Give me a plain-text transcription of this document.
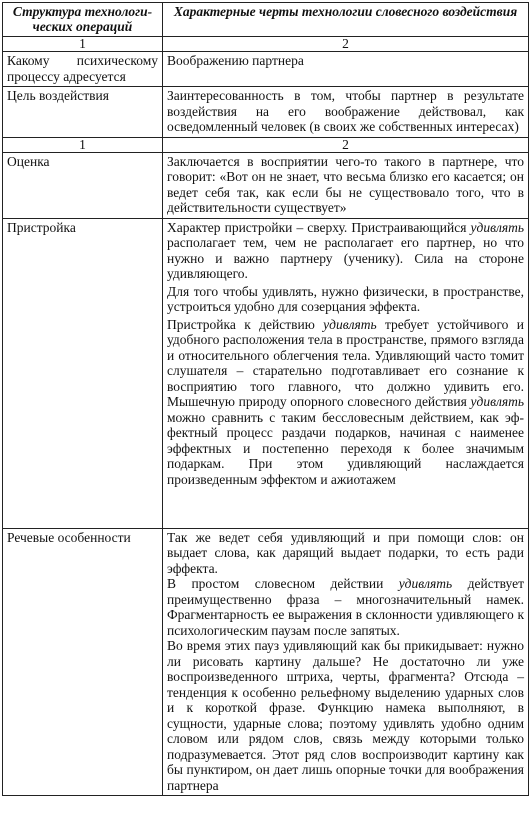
Структура технологических операций	Характерные черты технологии словесного воздействия
1	2
Какому психическому процессу адресуется	Воображению партнера
Цель воздействия	Заинтересованность в том, чтобы партнер в результате воздействия на его воображение действовал, как осведомленный человек (в своих же собственных интересах)
1	2
Оценка	Заключается в восприятии чего-то такого в партнере, что говорит: «Вот он не знает, что весьма близко его касается; он ведет себя так, как если бы не существовало того, что в действительности существует»
Пристройка	Характер пристройки – сверху. Пристраивающийся удивлять располагает тем, чем не располагает его партнер, но что нужно и важно партнеру (ученику). Сила на стороне удивляющего.

Для того чтобы удивлять, нужно физически, в пространстве, устроиться удобно для созерцания эффекта.

Пристройка к действию удивлять требует устойчивого и удобного расположения тела в пространстве, прямого взгляда и относительного облегчения тела. Удивляющий часто томит слушателя – старательно подготавливает его сознание к восприятию того главного, что должно удивить его. Мышечную природу опорного словесного действия удивлять можно сравнить с таким бессловесным действием, как эффектный процесс раздачи подарков, начиная с наименее эффектных и постепенно переходя к более значимым подаркам. При этом удивляющий наслаждается произведенным эффектом и ажиотажем

Речевые особенности	Так же ведет себя удивляющий и при помощи слов: он выдает слова, как дарящий выдает подарки, то есть ради эффекта.

В простом словесном действии удивлять действует преимущественно фраза – многозначительный намек. Фрагментарность ее выражения в склонности удивляющего к психологическим паузам после запятых.

Во время этих пауз удивляющий как бы прикидывает: нужно ли рисовать картину дальше? Не достаточно ли уже воспроизведенного штриха, черты, фрагмента? Отсюда – тенденция к особенно рельефному выделению ударных слов и к короткой фразе. Функцию намека выполняют, в сущности, ударные слова; поэтому удивлять удобно одним словом или рядом слов, связь между которыми только подразумевается. Этот ряд слов воспроизводит картину как бы пунктиром, он дает лишь опорные точки для воображения партнера
